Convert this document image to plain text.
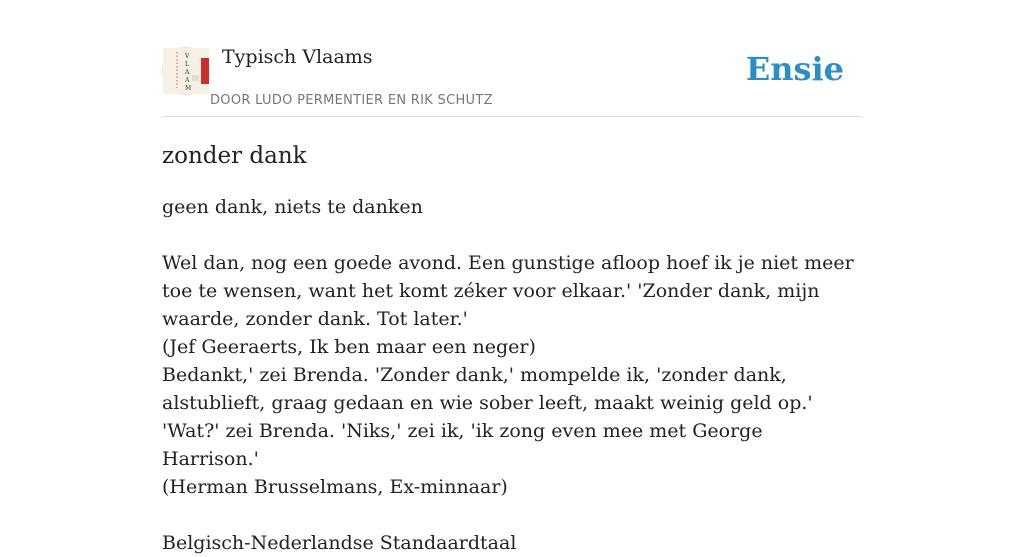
V
L
A
A
M
Typisch Vlaams
DOOR LUDO PERMENTIER EN RIK SCHUTZ
Ensie
zonder dank
geen dank, niets te danken
Wel dan, nog een goede avond. Een gunstige afloop hoef ik je niet meer toe te wensen, want het komt zéker voor elkaar.' 'Zonder dank, mijn waarde, zonder dank. Tot later.'
(Jef Geeraerts, Ik ben maar een neger)
Bedankt,' zei Brenda. 'Zonder dank,' mompelde ik, 'zonder dank, alstublieft, graag gedaan en wie sober leeft, maakt weinig geld op.' 'Wat?' zei Brenda. 'Niks,' zei ik, 'ik zong even mee met George Harrison.'
(Herman Brusselmans, Ex-minnaar)
Belgisch-Nederlandse Standaardtaal
